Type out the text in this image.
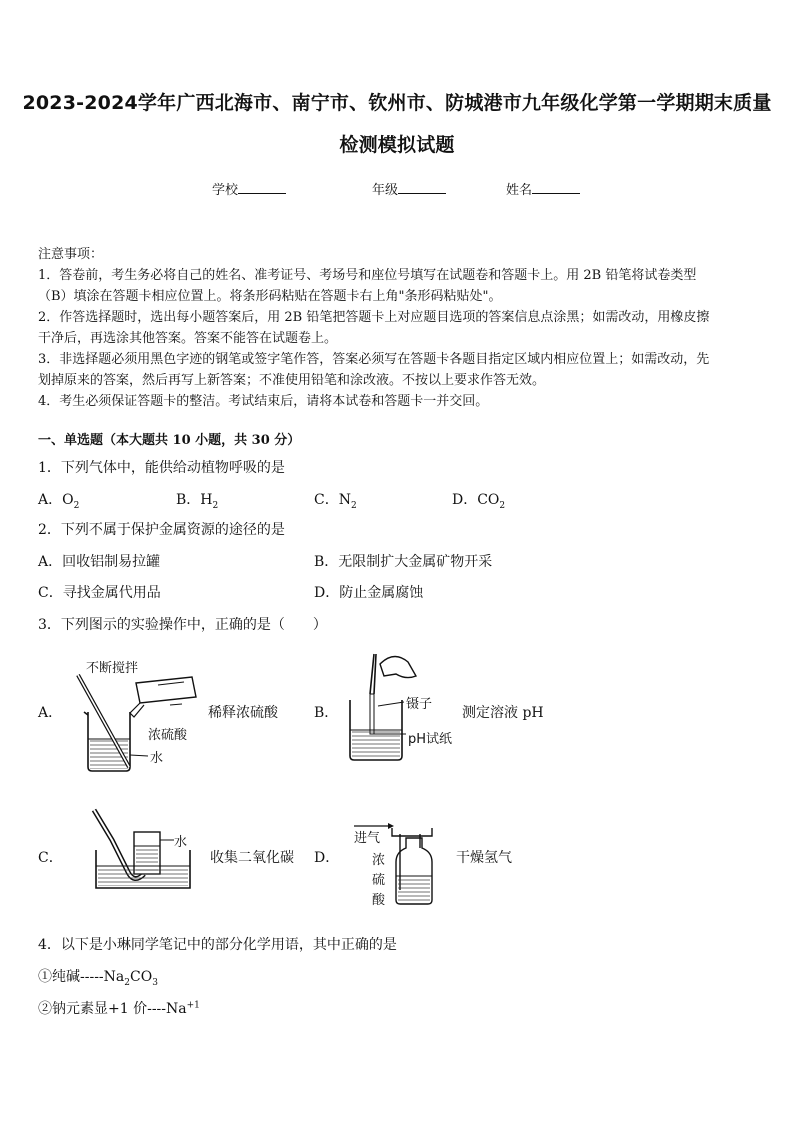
2023-2024学年广西北海市、南宁市、钦州市、防城港市九年级化学第一学期期末质量
检测模拟试题
学校	年级	姓名
注意事项：
1．答卷前，考生务必将自己的姓名、准考证号、考场号和座位号填写在试题卷和答题卡上。用 2B 铅笔将试卷类型
（B）填涂在答题卡相应位置上。将条形码粘贴在答题卡右上角"条形码粘贴处"。
2．作答选择题时，选出每小题答案后，用 2B 铅笔把答题卡上对应题目选项的答案信息点涂黑；如需改动，用橡皮擦
干净后，再选涂其他答案。答案不能答在试题卷上。
3．非选择题必须用黑色字迹的钢笔或签字笔作答，答案必须写在答题卡各题目指定区域内相应位置上；如需改动，先
划掉原来的答案，然后再写上新答案；不准使用铅笔和涂改液。不按以上要求作答无效。
4．考生必须保证答题卡的整洁。考试结束后，请将本试卷和答题卡一并交回。
一、单选题（本大题共 10 小题，共 30 分）
1．下列气体中，能供给动植物呼吸的是
A．$O_2$	B．$H_2$	C．$N_2$	D．$CO_2$
2．下列不属于保护金属资源的途径的是
A．回收铝制易拉罐	B．无限制扩大金属矿物开采
C．寻找金属代用品	D．防止金属腐蚀
3．下列图示的实验操作中，正确的是（　　）
A．
不断搅拌
浓硫酸
水
稀释浓硫酸	B．
镊子
pH试纸
测定溶液 pH
C．
水
收集二氧化碳 D．
进气
浓
硫
酸
干燥氢气
4．以下是小琳同学笔记中的部分化学用语，其中正确的是
①纯碱$-----Na_2CO_3$
②钠元素显+1 价$----Na^{+1}$
